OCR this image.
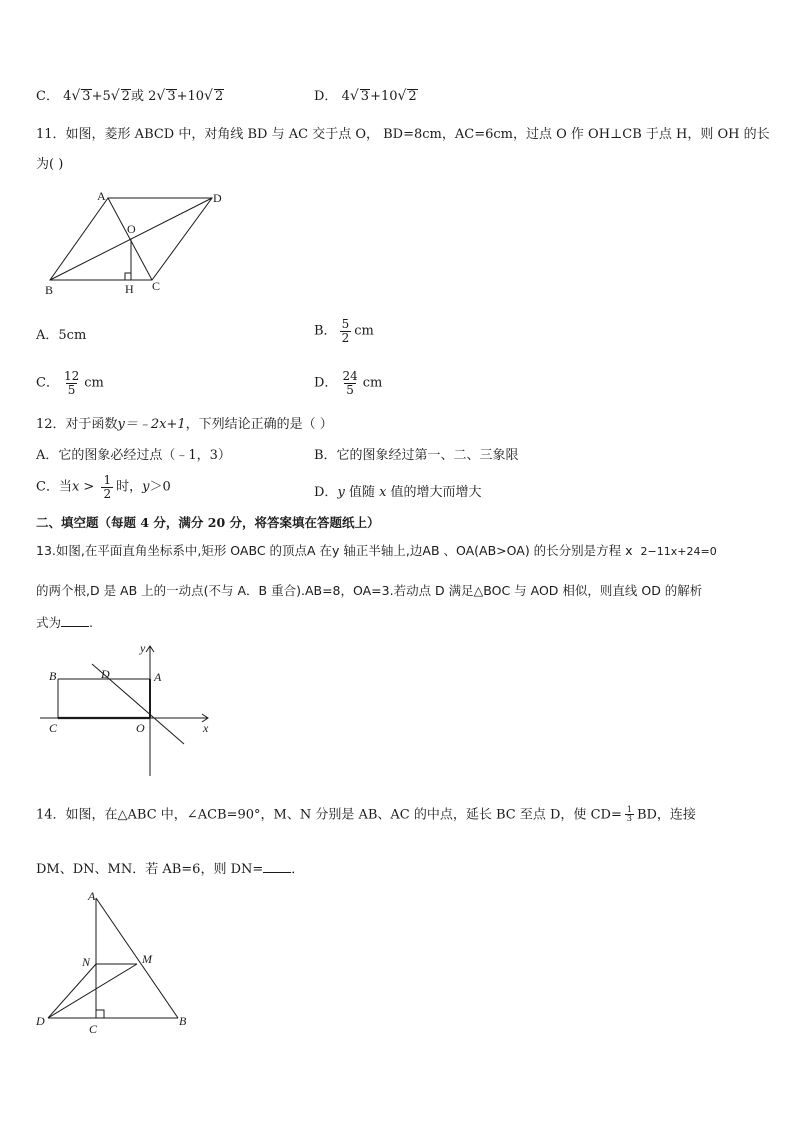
C． 4√ 3+5√ 2或 2√ 3+10√ 2	D． 4√ 3+10√ 2
11．如图，菱形 ABCD 中，对角线 BD 与 AC 交于点 O， BD=8cm，AC=6cm，过点 O 作 OH⊥CB 于点 H，则 OH 的长
为( )
A	D
O
B	H C
A．5cm	B． $\frac{5}{2}$ cm
C． $\frac{12}{5}$ cm	D． $\frac{24}{5}$ cm
12．对于函数y＝﹣2x+1，下列结论正确的是（ ）
A．它的图象必经过点（﹣1，3）	B．它的图象经过第一、二、三象限
C．当$x > \frac{1}{2}$ 时，y＞0	D．y 值随 x 值的增大而增大
二、填空题（每题 4 分，满分 20 分，将答案填在答题纸上）
13.如图,在平面直角坐标系中,矩形 OABC 的顶点A 在y 轴正半轴上,边AB 、OA(AB>OA) 的长分别是方程 x 2−11x+24=0
的两个根,D 是 AB 上的一动点(不与 A．B 重合).AB=8，OA=3.若动点 D 满足△BOC 与 AOD 相似，则直线 OD 的解析
式为 .
B	D	A
C	O	x
y
14．如图，在△ABC 中，∠ACB=90°，M、N 分别是 AB、AC 的中点，延长 BC 至点 D，使 $CD= \frac{1}{3}$ BD，连接
DM、DN、MN．若 AB=6，则 DN= ．
A
N	M
D
C
B
